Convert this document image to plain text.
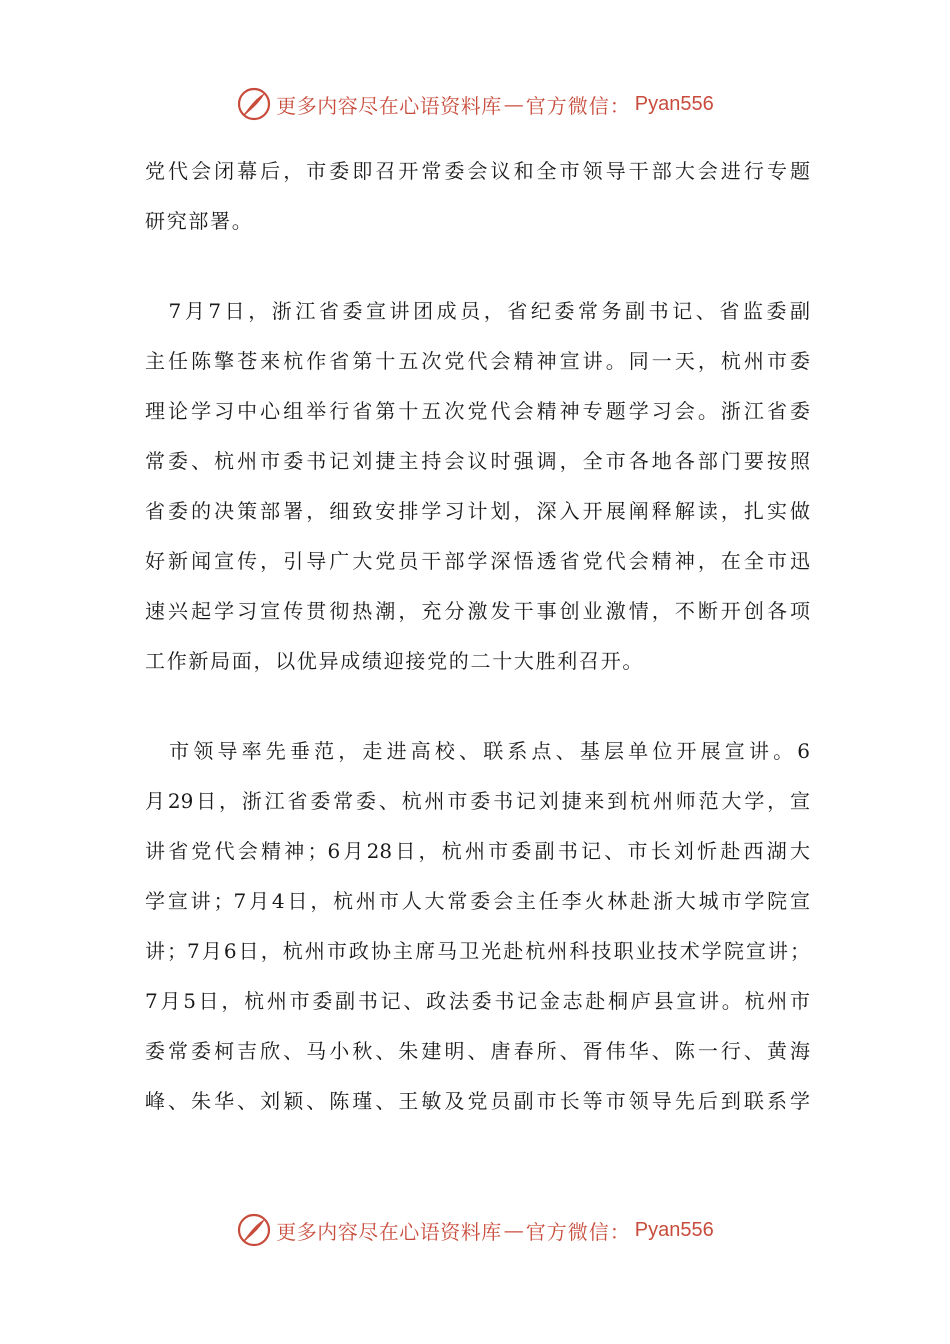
更多内容尽在心语资料库 — 官方微信： Pyan556
党代会闭幕后，市委即召开常委会议和全市领导干部大会进行专题
研究部署。
　7月7日，浙江省委宣讲团成员，省纪委常务副书记、省监委副
主任陈擎苍来杭作省第十五次党代会精神宣讲。同一天，杭州市委
理论学习中心组举行省第十五次党代会精神专题学习会。浙江省委
常委、杭州市委书记刘捷主持会议时强调，全市各地各部门要按照
省委的决策部署，细致安排学习计划，深入开展阐释解读，扎实做
好新闻宣传，引导广大党员干部学深悟透省党代会精神，在全市迅
速兴起学习宣传贯彻热潮，充分激发干事创业激情，不断开创各项
工作新局面，以优异成绩迎接党的二十大胜利召开。
　市领导率先垂范，走进高校、联系点、基层单位开展宣讲。6
月29日，浙江省委常委、杭州市委书记刘捷来到杭州师范大学，宣
讲省党代会精神；6月28日，杭州市委副书记、市长刘忻赴西湖大
学宣讲；7月4日，杭州市人大常委会主任李火林赴浙大城市学院宣
讲；7月6日，杭州市政协主席马卫光赴杭州科技职业技术学院宣讲；
7月5日，杭州市委副书记、政法委书记金志赴桐庐县宣讲。杭州市
委常委柯吉欣、马小秋、朱建明、唐春所、胥伟华、陈一行、黄海
峰、朱华、刘颖、陈瑾、王敏及党员副市长等市领导先后到联系学
更多内容尽在心语资料库 — 官方微信： Pyan556
